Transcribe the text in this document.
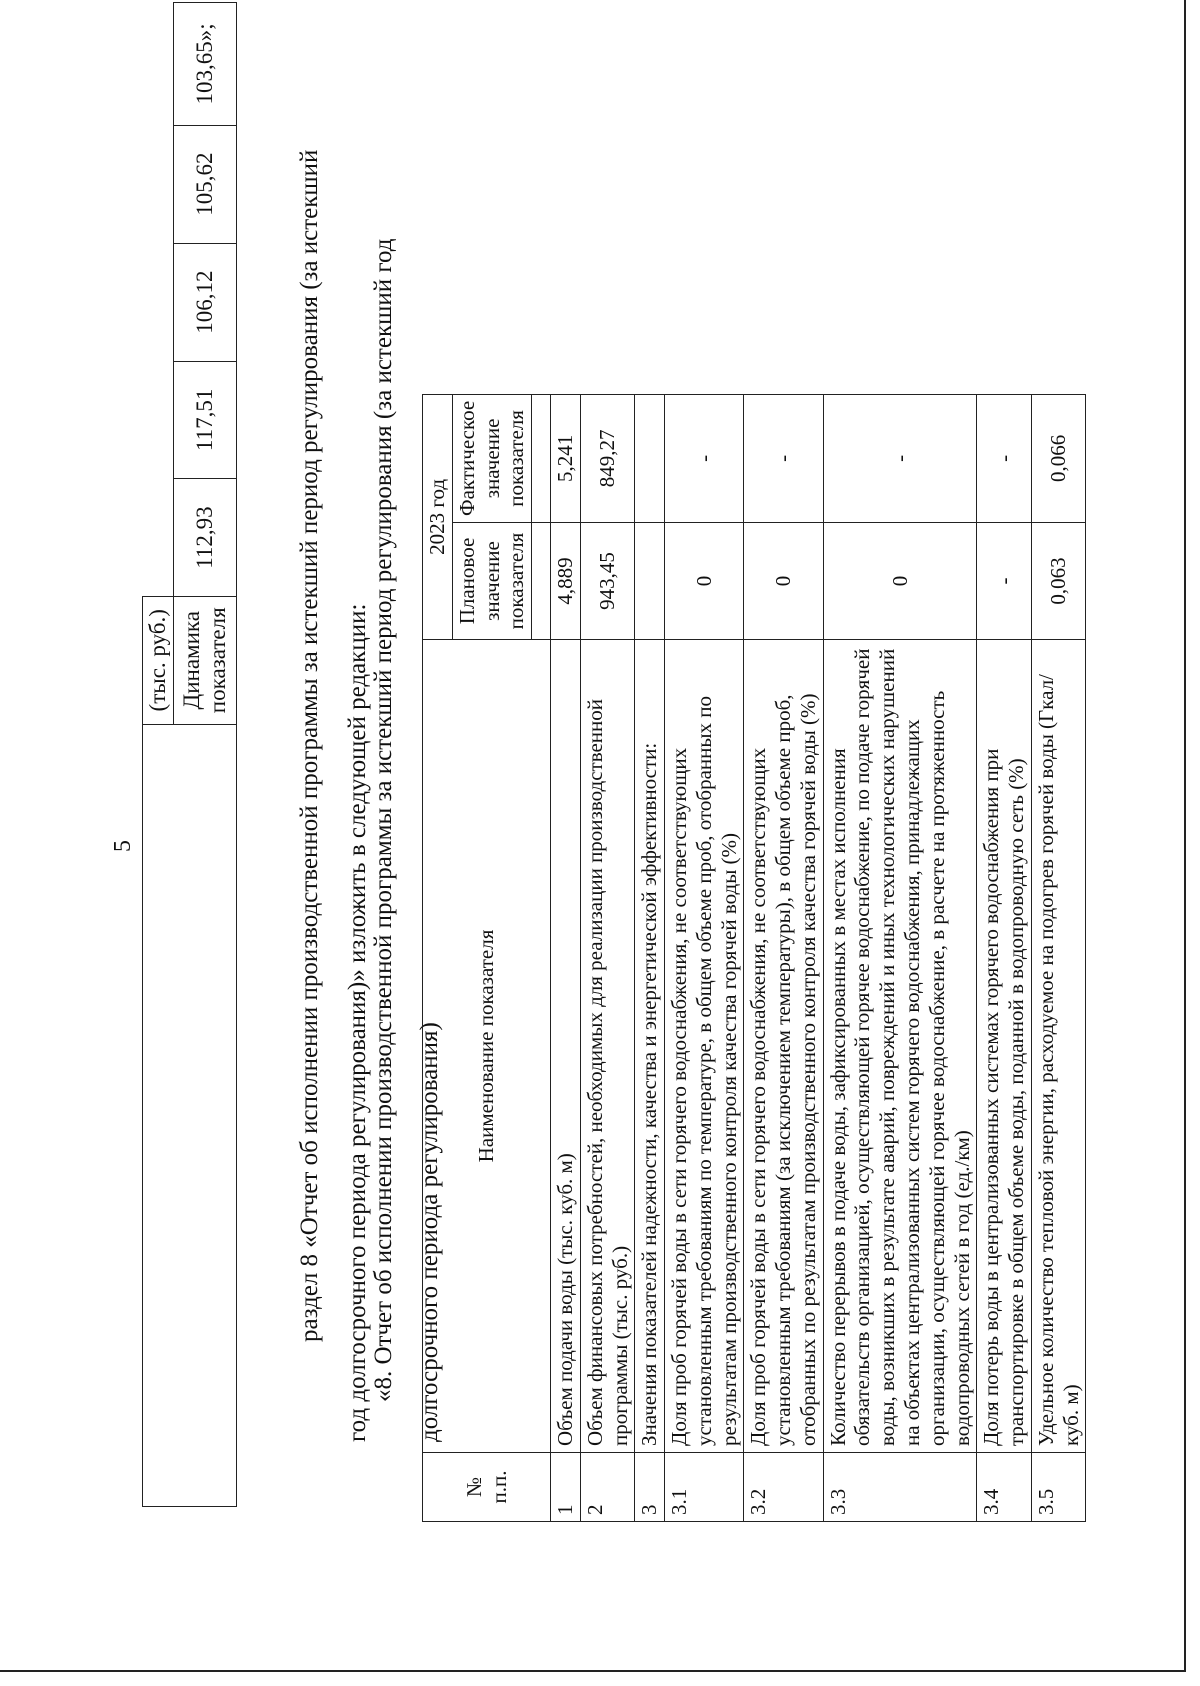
5
	(тыс. руб.)					
	Динамика показателя	112,93	117,51	106,12	105,62	103,65»;
раздел 8 «Отчет об исполнении производственной программы за истекший период регулирования (за истекший год долгосрочного периода регулирования)» изложить в следующей редакции: «8. Отчет об исполнении производственной программы за истекший период регулирования (за истекший год долгосрочного периода регулирования)
№ п.п.	Наименование показателя	2023 год	
		Плановое значение показателя	Фактическое значение показателя

1	Объем подачи воды (тыс. куб. м)	4,889	5,241
2	Объем финансовых потребностей, необходимых для реализации производственной программы (тыс. руб.)	943,45	849,27
3	Значения показателей надежности, качества и энергетической эффективности:		
3.1	Доля проб горячей воды в сети горячего водоснабжения, не соответствующих установленным требованиям по температуре, в общем объеме проб, отобранных по результатам производственного контроля качества горячей воды (%)	0	-
3.2	Доля проб горячей воды в сети горячего водоснабжения, не соответствующих установленным требованиям (за исключением температуры), в общем объеме проб, отобранных по результатам производственного контроля качества горячей воды (%)	0	-
3.3	Количество перерывов в подаче воды, зафиксированных в местах исполнения обязательств организацией, осуществляющей горячее водоснабжение, по подаче горячей воды, возникших в результате аварий, повреждений и иных технологических нарушений на объектах централизованных систем горячего водоснабжения, принадлежащих организации, осуществляющей горячее водоснабжение, в расчете на протяженность водопроводных сетей в год (ед./км)	0	-
3.4	Доля потерь воды в централизованных системах горячего водоснабжения при транспортировке в общем объеме воды, поданной в водопроводную сеть (%)	-	-
3.5	Удельное количество тепловой энергии, расходуемое на подогрев горячей воды (Гкал/куб. м)	0,063	0,066
